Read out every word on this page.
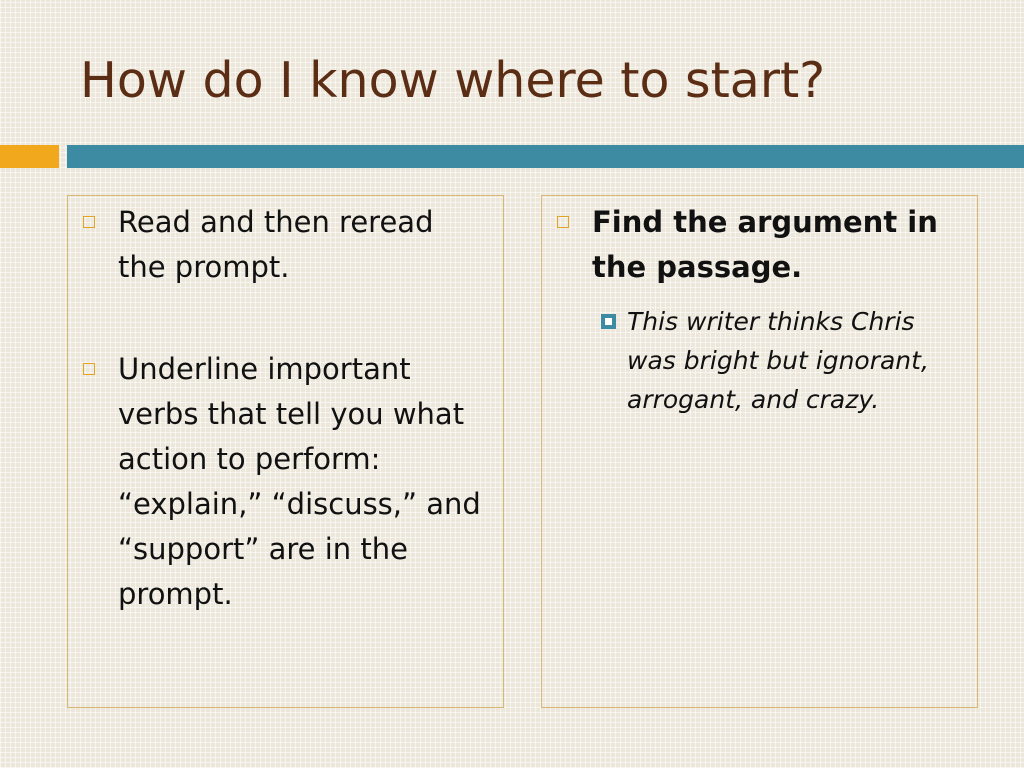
How do I know where to start?
Read and then reread the prompt.
Underline important verbs that tell you what action to perform: “explain,” “discuss,” and “support” are in the prompt.
Find the argument in the passage.
This writer thinks Chris was bright but ignorant, arrogant, and crazy.
